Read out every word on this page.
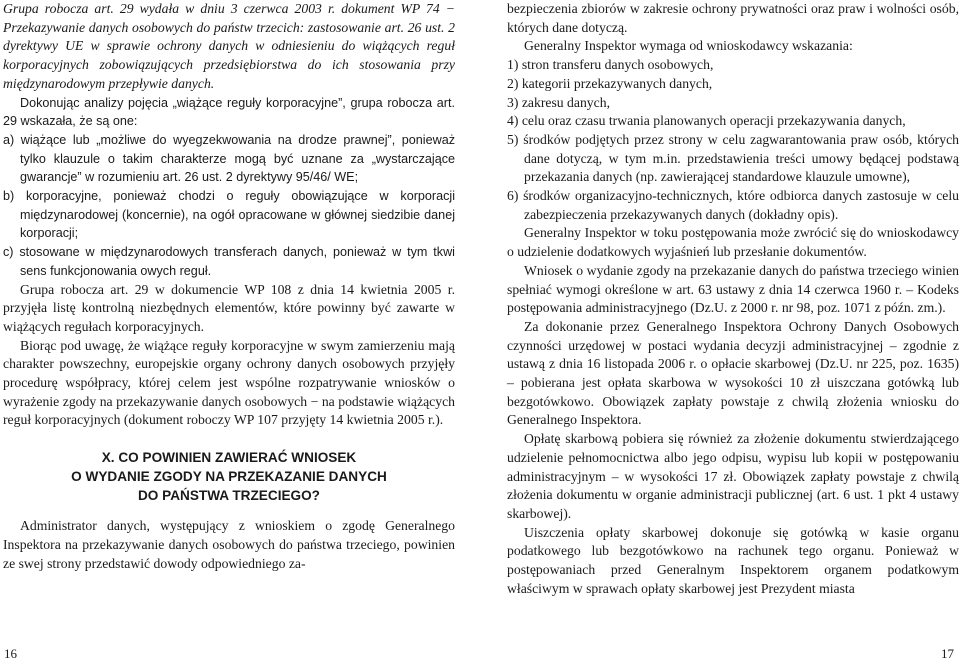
Grupa robocza art. 29 wydała w dniu 3 czerwca 2003 r. dokument WP 74 − Przekazywanie danych osobowych do państw trzecich: zastosowanie art. 26 ust. 2 dyrektywy UE w sprawie ochrony danych w odniesieniu do wiążących reguł korporacyjnych zobowiązujących przedsiębiorstwa do ich stosowania przy międzynarodowym przepływie danych.

Dokonując analizy pojęcia „wiążące reguły korporacyjne”, grupa robocza art. 29 wskazała, że są one:

a) wiążące lub „możliwe do wyegzekwowania na drodze prawnej”, ponieważ tylko klauzule o takim charakterze mogą być uznane za „wystarczające gwarancje” w rozumieniu art. 26 ust. 2 dyrektywy 95/46/ WE;

b) korporacyjne, ponieważ chodzi o reguły obowiązujące w korporacji międzynarodowej (koncernie), na ogół opracowane w głównej siedzibie danej korporacji;

c) stosowane w międzynarodowych transferach danych, ponieważ w tym tkwi sens funkcjonowania owych reguł.

Grupa robocza art. 29 w dokumencie WP 108 z dnia 14 kwietnia 2005 r. przyjęła listę kontrolną niezbędnych elementów, które powinny być zawarte w wiążących regułach korporacyjnych.

Biorąc pod uwagę, że wiążące reguły korporacyjne w swym zamierzeniu mają charakter powszechny, europejskie organy ochrony danych osobowych przyjęły procedurę współpracy, której celem jest wspólne rozpatrywanie wniosków o wyrażenie zgody na przekazywanie danych osobowych − na podstawie wiążących reguł korporacyjnych (dokument roboczy WP 107 przyjęty 14 kwietnia 2005 r.).

X. CO POWINIEN ZAWIERAĆ WNIOSEK
O WYDANIE ZGODY NA PRZEKAZANIE DANYCH
DO PAŃSTWA TRZECIEGO?

Administrator danych, występujący z wnioskiem o zgodę Generalnego Inspektora na przekazywanie danych osobowych do państwa trzeciego, powinien ze swej strony przedstawić dowody odpowiedniego za-

bezpieczenia zbiorów w zakresie ochrony prywatności oraz praw i wolności osób, których dane dotyczą.

Generalny Inspektor wymaga od wnioskodawcy wskazania:

1) stron transferu danych osobowych,

2) kategorii przekazywanych danych,

3) zakresu danych,

4) celu oraz czasu trwania planowanych operacji przekazywania danych,

5) środków podjętych przez strony w celu zagwarantowania praw osób, których dane dotyczą, w tym m.in. przedstawienia treści umowy będącej podstawą przekazania danych (np. zawierającej standardowe klauzule umowne),

6) środków organizacyjno-technicznych, które odbiorca danych zastosuje w celu zabezpieczenia przekazywanych danych (dokładny opis).

Generalny Inspektor w toku postępowania może zwrócić się do wnioskodawcy o udzielenie dodatkowych wyjaśnień lub przesłanie dokumentów.

Wniosek o wydanie zgody na przekazanie danych do państwa trzeciego winien spełniać wymogi określone w art. 63 ustawy z dnia 14 czerwca 1960 r. – Kodeks postępowania administracyjnego (Dz.U. z 2000 r. nr 98, poz. 1071 z późn. zm.).

Za dokonanie przez Generalnego Inspektora Ochrony Danych Osobowych czynności urzędowej w postaci wydania decyzji administracyjnej – zgodnie z ustawą z dnia 16 listopada 2006 r. o opłacie skarbowej (Dz.U. nr 225, poz. 1635) – pobierana jest opłata skarbowa w wysokości 10 zł uiszczana gotówką lub bezgotówkowo. Obowiązek zapłaty powstaje z chwilą złożenia wniosku do Generalnego Inspektora.

Opłatę skarbową pobiera się również za złożenie dokumentu stwierdzającego udzielenie pełnomocnictwa albo jego odpisu, wypisu lub kopii w postępowaniu administracyjnym – w wysokości 17 zł. Obowiązek zapłaty powstaje z chwilą złożenia dokumentu w organie administracji publicznej (art. 6 ust. 1 pkt 4 ustawy skarbowej).

Uiszczenia opłaty skarbowej dokonuje się gotówką w kasie organu podatkowego lub bezgotówkowo na rachunek tego organu. Ponieważ w postępowaniach przed Generalnym Inspektorem organem podatkowym właściwym w sprawach opłaty skarbowej jest Prezydent miasta

16	17
